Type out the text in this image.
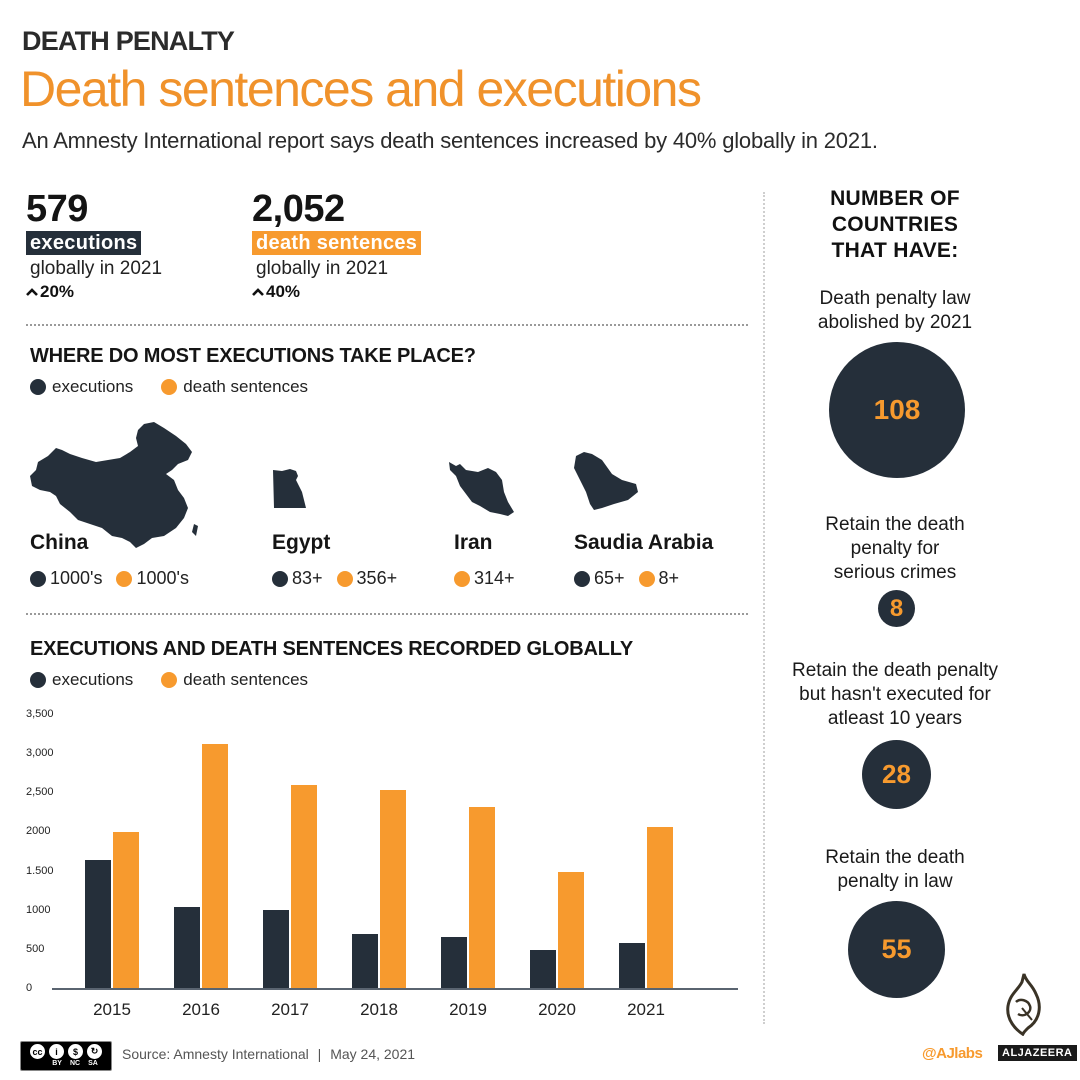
DEATH PENALTY
Death sentences and executions
An Amnesty International report says death sentences increased by 40% globally in 2021.
579
executions
globally in 2021
20%
2,052
death sentences
globally in 2021
40%
WHERE DO MOST EXECUTIONS TAKE PLACE?
executions	death sentences
China
1000's 1000's
Egypt
83+ 356+
Iran
314+
Saudia Arabia
65+ 8+
EXECUTIONS AND DEATH SENTENCES RECORDED GLOBALLY
executions	death sentences
NUMBER OF
COUNTRIES
THAT HAVE:
Death penalty law
abolished by 2021
108
Retain the death
penalty for
serious crimes
8
Retain the death penalty
but hasn't executed for
atleast 10 years
28
Retain the death
penalty in law
55
cc	i	$	↻
BY NC SA
Source: Amnesty International | May 24, 2021	@AJlabs	ALJAZEERA
2015	2016	2017	2018	2019	2020	2021
0
500
1000
1.500
2000
2,500
3,000
3,500
